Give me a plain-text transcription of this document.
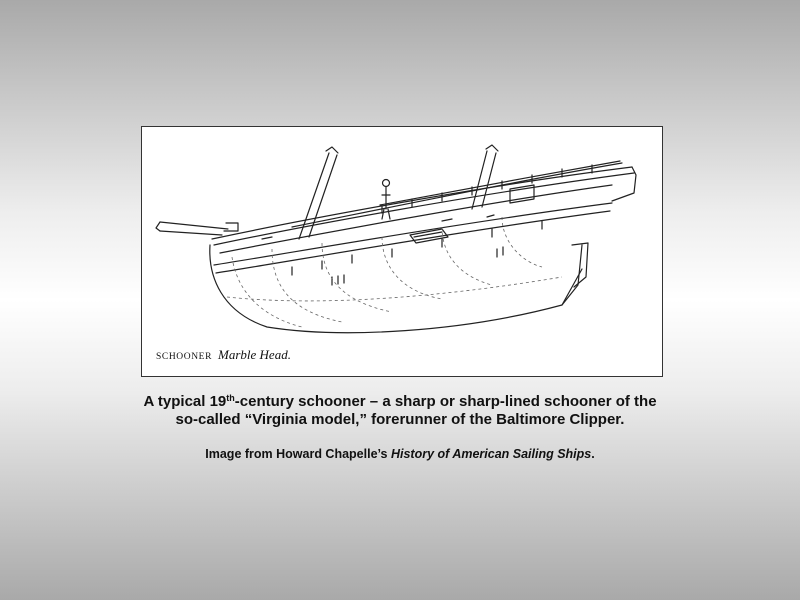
SCHOONER Marble Head.
A typical 19th-century schooner – a sharp or sharp-lined schooner of the
so-called “Virginia model,” forerunner of the Baltimore Clipper.
Image from Howard Chapelle’s History of American Sailing Ships.
